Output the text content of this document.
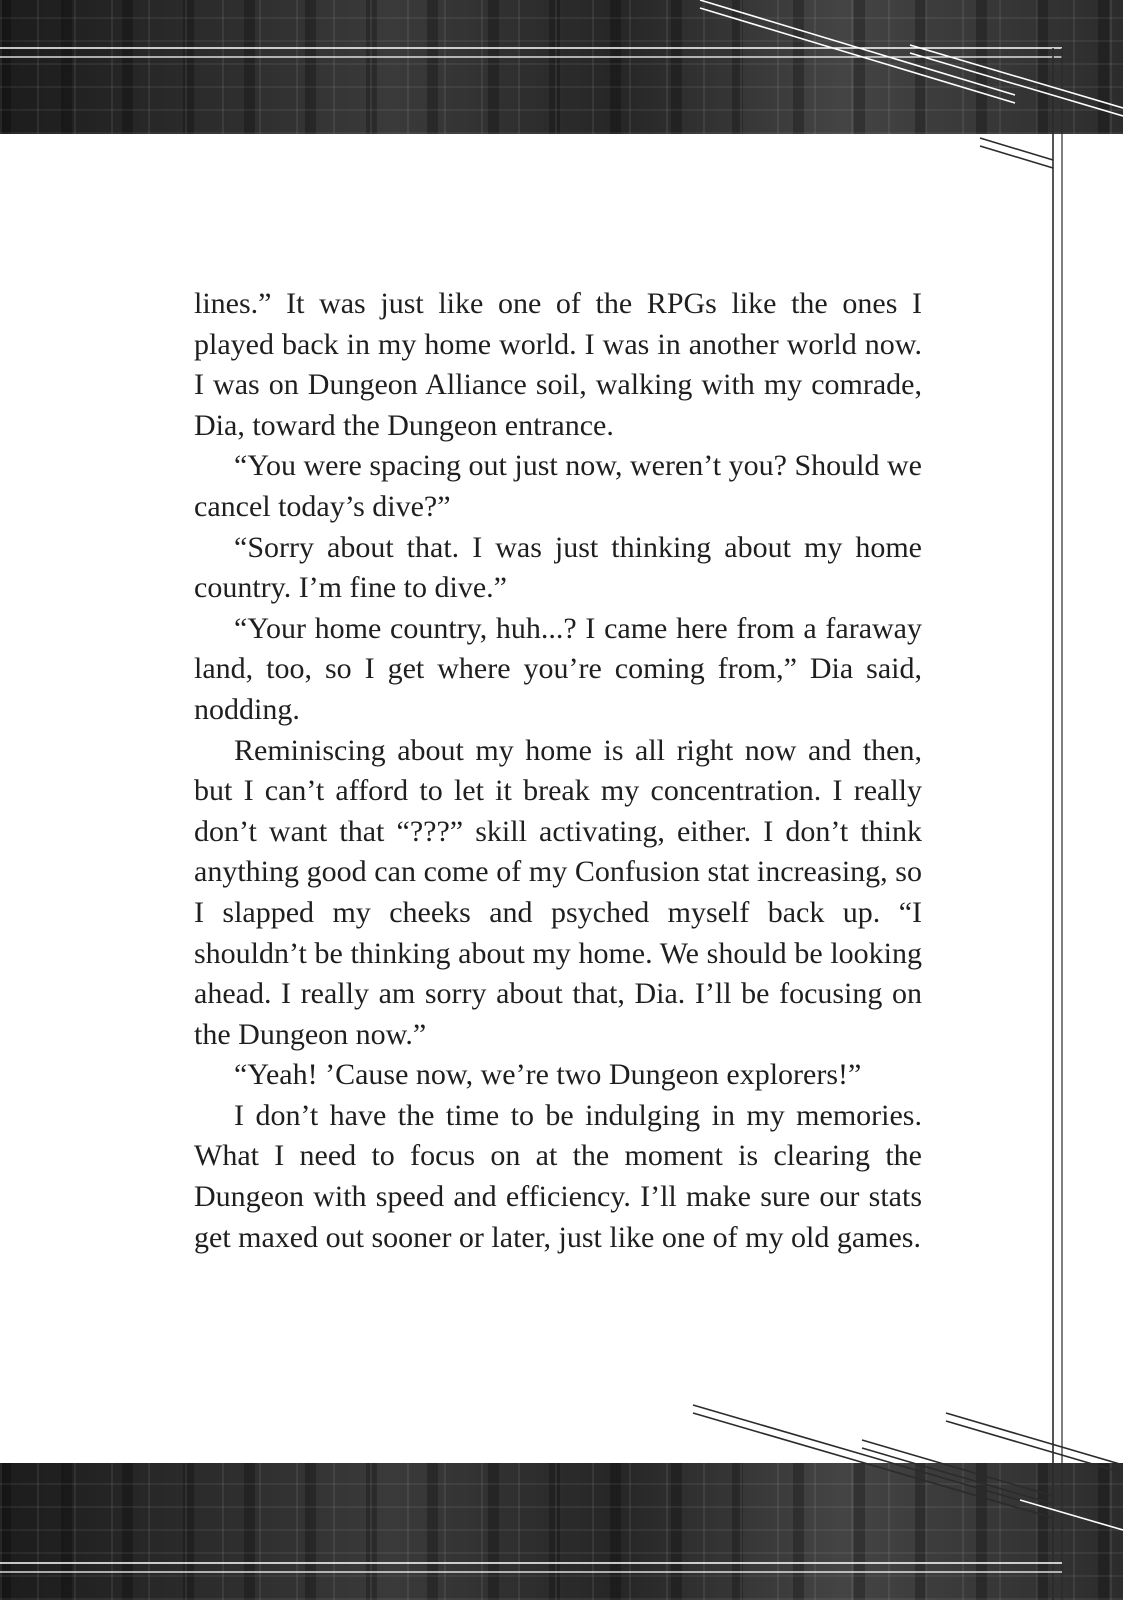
lines.” It was just like one of the RPGs like the ones I played back in my home world. I was in another world now. I was on Dungeon Alliance soil, walking with my comrade, Dia, toward the Dungeon entrance.

“You were spacing out just now, weren’t you? Should we cancel today’s dive?”

“Sorry about that. I was just thinking about my home country. I’m fine to dive.”

“Your home country, huh...? I came here from a faraway land, too, so I get where you’re coming from,” Dia said, nodding.

Reminiscing about my home is all right now and then, but I can’t afford to let it break my concentration. I really don’t want that “???” skill activating, either. I don’t think anything good can come of my Confusion stat increasing, so I slapped my cheeks and psyched myself back up. “I shouldn’t be thinking about my home. We should be looking ahead. I really am sorry about that, Dia. I’ll be focusing on the Dungeon now.”

“Yeah! ’Cause now, we’re two Dungeon explorers!”

I don’t have the time to be indulging in my memories. What I need to focus on at the moment is clearing the Dungeon with speed and efficiency. I’ll make sure our stats get maxed out sooner or later, just like one of my old games.
